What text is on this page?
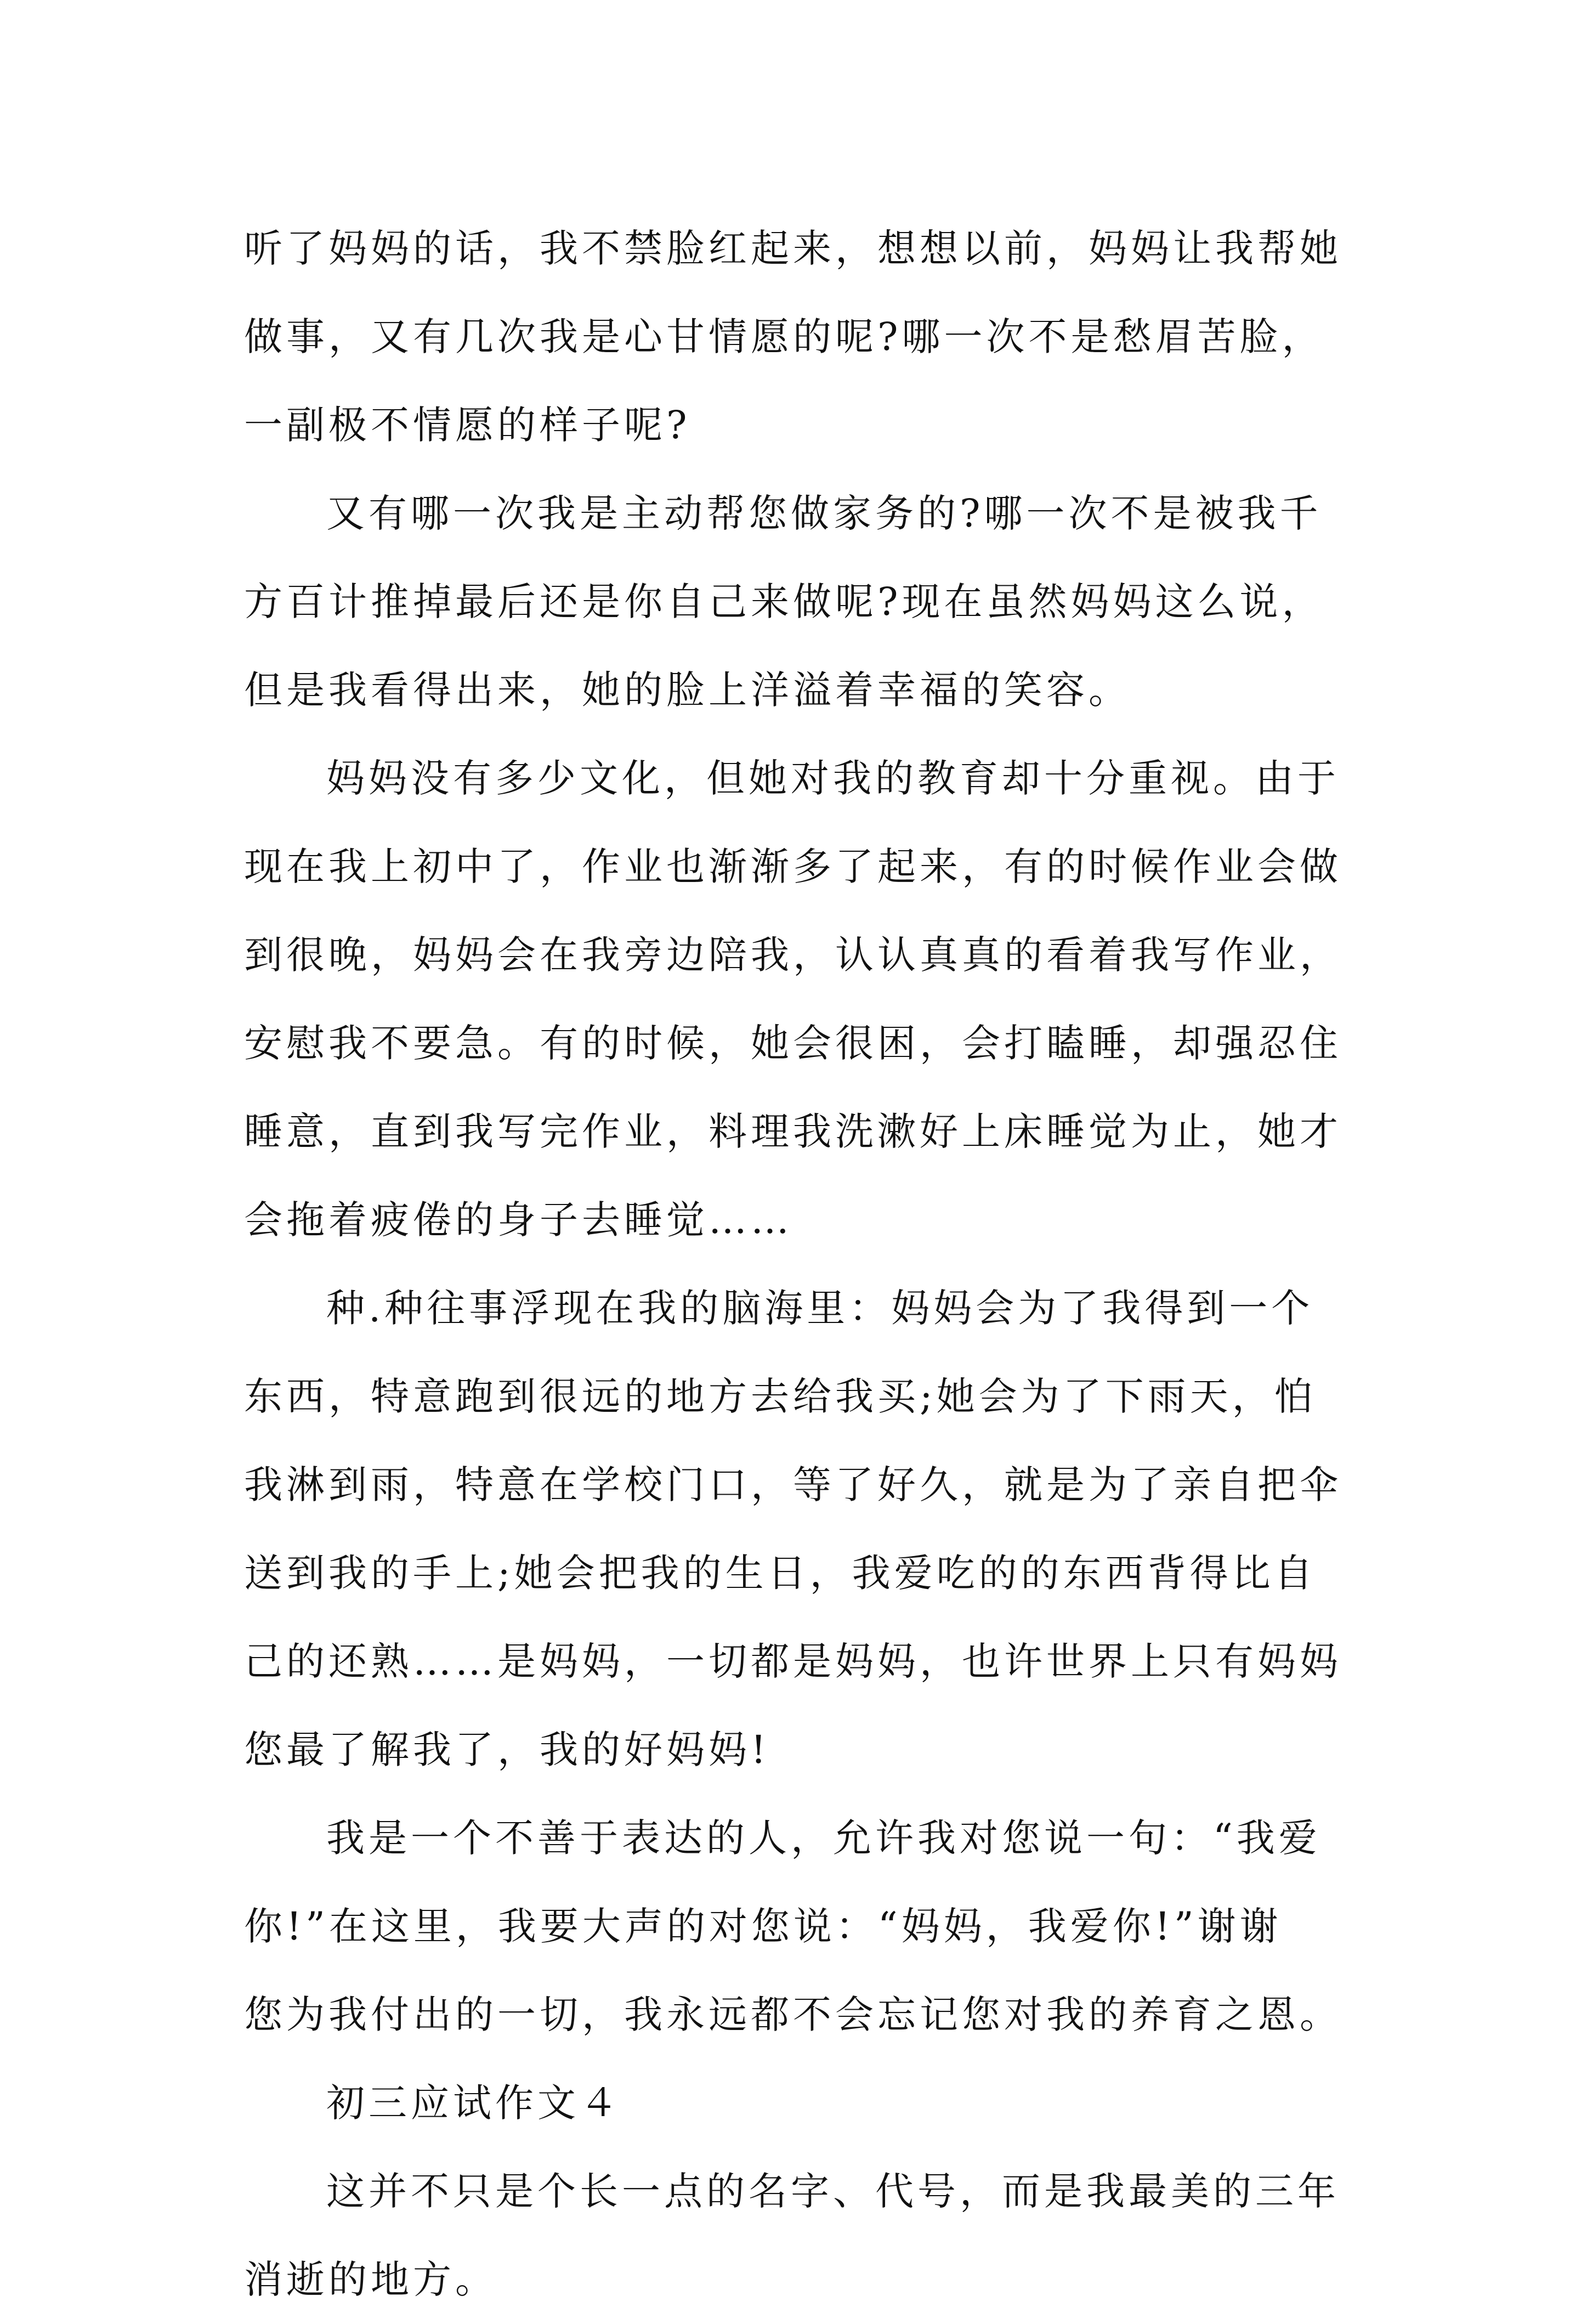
听了妈妈的话，我不禁脸红起来，想想以前，妈妈让我帮她
做事，又有几次我是心甘情愿的呢?哪一次不是愁眉苦脸，
一副极不情愿的样子呢?
又有哪一次我是主动帮您做家务的?哪一次不是被我千
方百计推掉最后还是你自己来做呢?现在虽然妈妈这么说，
但是我看得出来，她的脸上洋溢着幸福的笑容。
妈妈没有多少文化，但她对我的教育却十分重视。由于
现在我上初中了，作业也渐渐多了起来，有的时候作业会做
到很晚，妈妈会在我旁边陪我，认认真真的看着我写作业，
安慰我不要急。有的时候，她会很困，会打瞌睡，却强忍住
睡意，直到我写完作业，料理我洗漱好上床睡觉为止，她才
会拖着疲倦的身子去睡觉……
种.种往事浮现在我的脑海里：妈妈会为了我得到一个
东西，特意跑到很远的地方去给我买;她会为了下雨天，怕
我淋到雨，特意在学校门口，等了好久，就是为了亲自把伞
送到我的手上;她会把我的生日，我爱吃的的东西背得比自
己的还熟……是妈妈，一切都是妈妈，也许世界上只有妈妈
您最了解我了，我的好妈妈!
我是一个不善于表达的人，允许我对您说一句：“我爱
你!”在这里，我要大声的对您说：“妈妈，我爱你!”谢谢
您为我付出的一切，我永远都不会忘记您对我的养育之恩。
初三应试作文４
这并不只是个长一点的名字、代号，而是我最美的三年
消逝的地方。
